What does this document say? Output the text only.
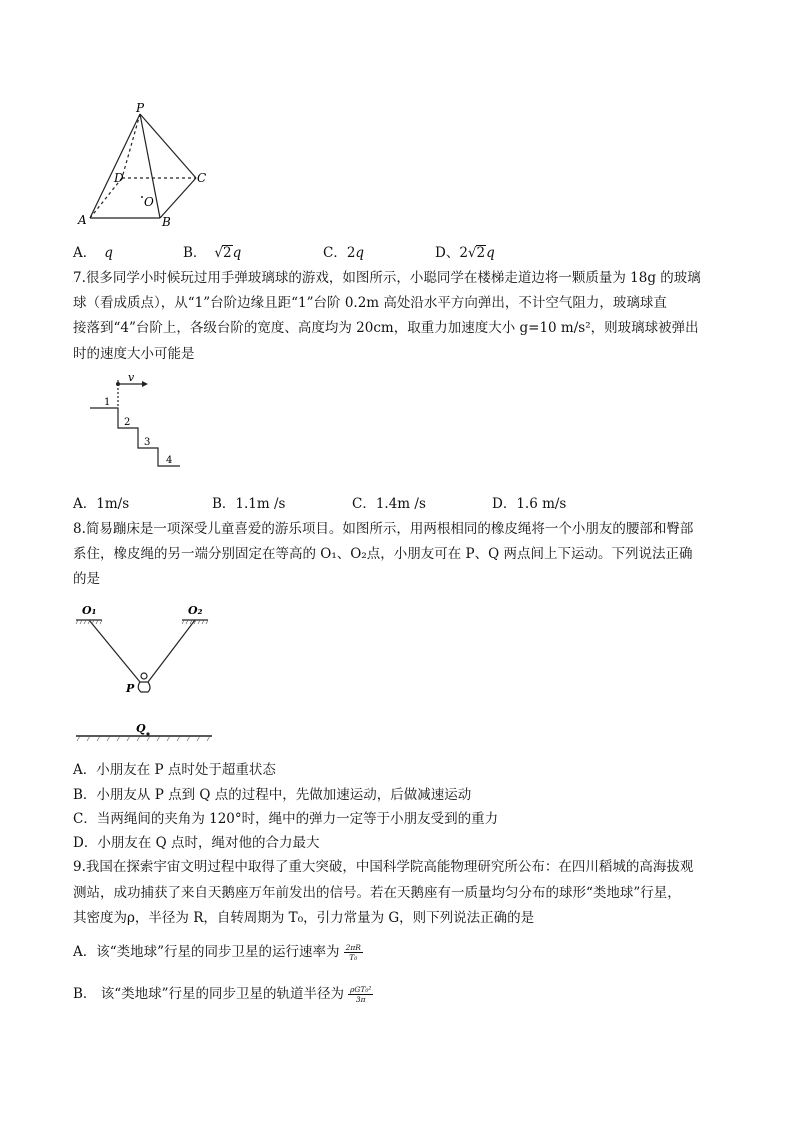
P
D	C
O
A	B
A． q	B． √2q	C．2q	D、2√2q
7.很多同学小时候玩过用手弹玻璃球的游戏，如图所示，小聪同学在楼梯走道边将一颗质量为 18g 的玻璃
球（看成质点），从“1”台阶边缘且距“1”台阶 0.2m 高处沿水平方向弹出，不计空气阻力，玻璃球直
接落到“4”台阶上，各级台阶的宽度、高度均为 20cm，取重力加速度大小 g=10 m/s²，则玻璃球被弹出
时的速度大小可能是
v
1
2
3
4
A．1m/s	B．1.1m /s	C．1.4m /s	D．1.6 m/s
8.简易蹦床是一项深受儿童喜爱的游乐项目。如图所示，用两根相同的橡皮绳将一个小朋友的腰部和臀部
系住，橡皮绳的另一端分别固定在等高的 O₁、O₂点，小朋友可在 P、Q 两点间上下运动。下列说法正确
的是
O₁	O₂
P
Q
A．小朋友在 P 点时处于超重状态
B．小朋友从 P 点到 Q 点的过程中，先做加速运动，后做减速运动
C．当两绳间的夹角为 120°时，绳中的弹力一定等于小朋友受到的重力
D．小朋友在 Q 点时，绳对他的合力最大
9.我国在探索宇宙文明过程中取得了重大突破，中国科学院高能物理研究所公布：在四川稻城的高海拔观
测站，成功捕获了来自天鹅座万年前发出的信号。若在天鹅座有一质量均匀分布的球形“类地球”行星，
其密度为ρ，半径为 R，自转周期为 T₀，引力常量为 G，则下列说法正确的是
A．该“类地球”行星的同步卫星的运行速率为 $\frac{2\pi R}{\text{T₀}}$
B． 该“类地球”行星的同步卫星的轨道半径为 $\frac{\text{ρGT₀²}}{3\pi}$
